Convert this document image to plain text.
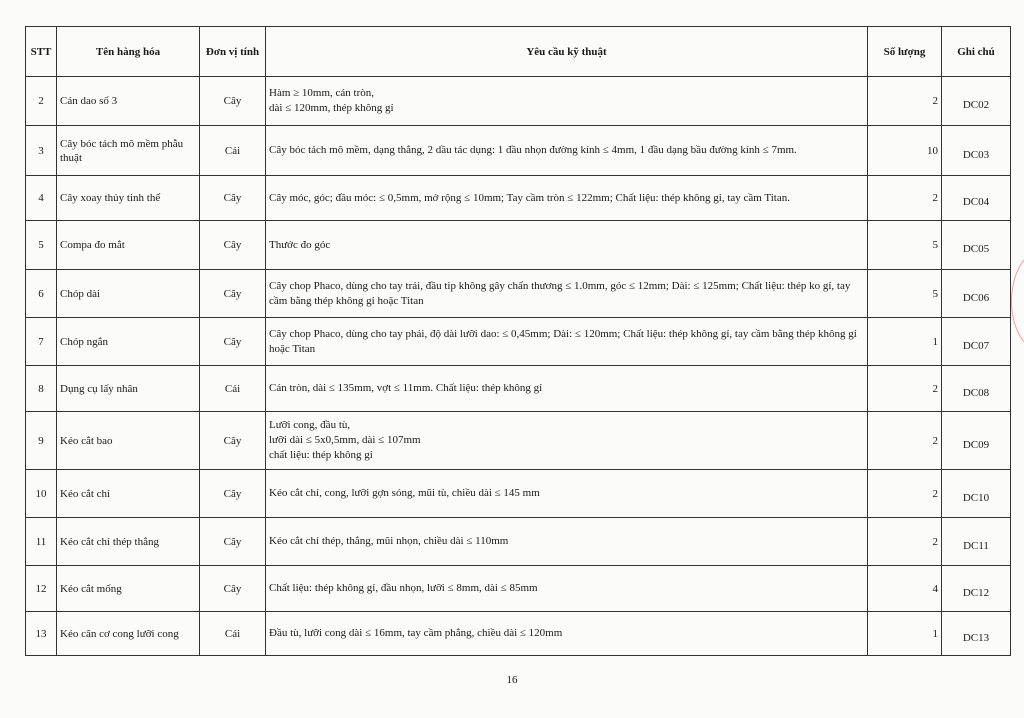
STT	Tên hàng hóa	Đơn vị tính	Yêu cầu kỹ thuật	Số lượng	Ghi chú
2	Cán dao số 3	Cây	Hàm ≥ 10mm, cán tròn,
dài ≤ 120mm, thép không gỉ	2	DC02
3	Cây bóc tách mô mềm phẫu thuật	Cái	Cây bóc tách mô mềm, dạng thẳng, 2 dầu tác dụng: 1 đầu nhọn đường kính ≤ 4mm, 1 đầu dạng bầu đường kính ≤ 7mm.	10	DC03
4	Cây xoay thủy tinh thể	Cây	Cây móc, góc; đầu móc: ≤ 0,5mm, mở rộng ≤ 10mm; Tay cầm tròn ≤ 122mm; Chất liệu: thép không gỉ, tay cầm Titan.	2	DC04
5	Compa đo mắt	Cây	Thước đo góc	5	DC05
6	Chóp dài	Cây	Cây chop Phaco, dùng cho tay trái, đầu tip không gây chấn thương ≤ 1.0mm, góc ≤ 12mm; Dài: ≤ 125mm; Chất liệu: thép ko gỉ, tay cầm bằng thép không gỉ hoặc Titan	5	DC06
7	Chóp ngắn	Cây	Cây chop Phaco, dùng cho tay phải, độ dài lưỡi dao: ≤ 0,45mm; Dài: ≤ 120mm; Chất liệu: thép không gỉ, tay cầm bằng thép không gỉ hoặc Titan	1	DC07
8	Dụng cụ lấy nhân	Cái	Cán tròn, dài ≤ 135mm, vợt ≤ 11mm. Chất liệu: thép không gỉ	2	DC08
9	Kéo cắt bao	Cây	Lưỡi cong, đầu tù,
lưỡi dài ≤ 5x0,5mm, dài ≤ 107mm
chất liệu: thép không gỉ	2	DC09
10	Kéo cắt chỉ	Cây	Kéo cắt chỉ, cong, lưỡi gợn sóng, mũi tù, chiều dài ≤ 145 mm	2	DC10
11	Kéo cắt chỉ thép thẳng	Cây	Kéo cắt chỉ thép, thẳng, mũi nhọn, chiều dài ≤ 110mm	2	DC11
12	Kéo cắt mống	Cây	Chất liệu: thép không gỉ, đầu nhọn, lưỡi ≤ 8mm, dài ≤ 85mm	4	DC12
13	Kéo cân cơ cong lưỡi cong	Cái	Đầu tù, lưỡi cong dài ≤ 16mm, tay cầm phẳng, chiều dài ≤ 120mm	1	DC13
16
